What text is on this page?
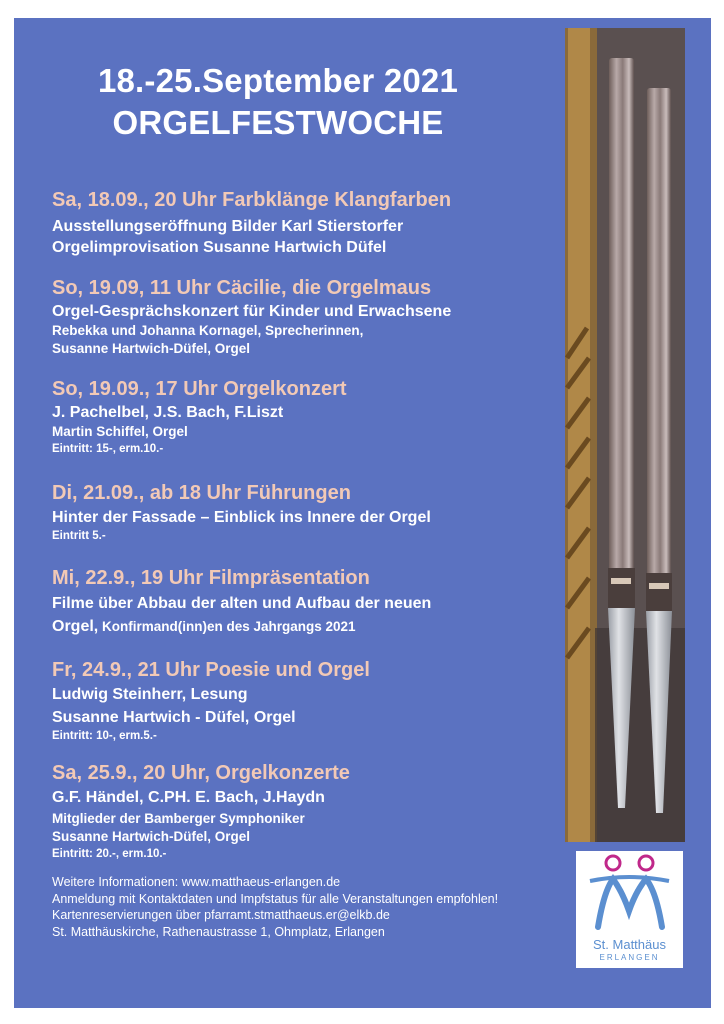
18.-25.September 2021
ORGELFESTWOCHE
Sa, 18.09., 20 Uhr Farbklänge Klangfarben
Ausstellungseröffnung Bilder Karl Stierstorfer
Orgelimprovisation Susanne Hartwich Düfel
So, 19.09, 11 Uhr Cäcilie, die Orgelmaus
Orgel-Gesprächskonzert für Kinder und Erwachsene
Rebekka und Johanna Kornagel, Sprecherinnen,
Susanne Hartwich-Düfel, Orgel
So, 19.09., 17 Uhr Orgelkonzert
J. Pachelbel, J.S. Bach, F.Liszt
Martin Schiffel, Orgel
Eintritt: 15-, erm.10.-
Di, 21.09., ab 18 Uhr Führungen
Hinter der Fassade – Einblick ins Innere der Orgel
Eintritt 5.-
Mi, 22.9., 19 Uhr Filmpräsentation
Filme über Abbau der alten und Aufbau der neuen
Orgel, Konfirmand(inn)en des Jahrgangs 2021
Fr, 24.9., 21 Uhr Poesie und Orgel
Ludwig Steinherr, Lesung
Susanne Hartwich - Düfel, Orgel
Eintritt: 10-, erm.5.-
Sa, 25.9., 20 Uhr, Orgelkonzerte
G.F. Händel, C.PH. E. Bach, J.Haydn
Mitglieder der Bamberger Symphoniker
Susanne Hartwich-Düfel, Orgel
Eintritt: 20.-, erm.10.-
Weitere Informationen: www.matthaeus-erlangen.de
Anmeldung mit Kontaktdaten und Impfstatus für alle Veranstaltungen empfohlen!
Kartenreservierungen über pfarramt.stmatthaeus.er@elkb.de
St. Matthäuskirche, Rathenaustrasse 1, Ohmplatz, Erlangen
St. Matthäus
ERLANGEN
